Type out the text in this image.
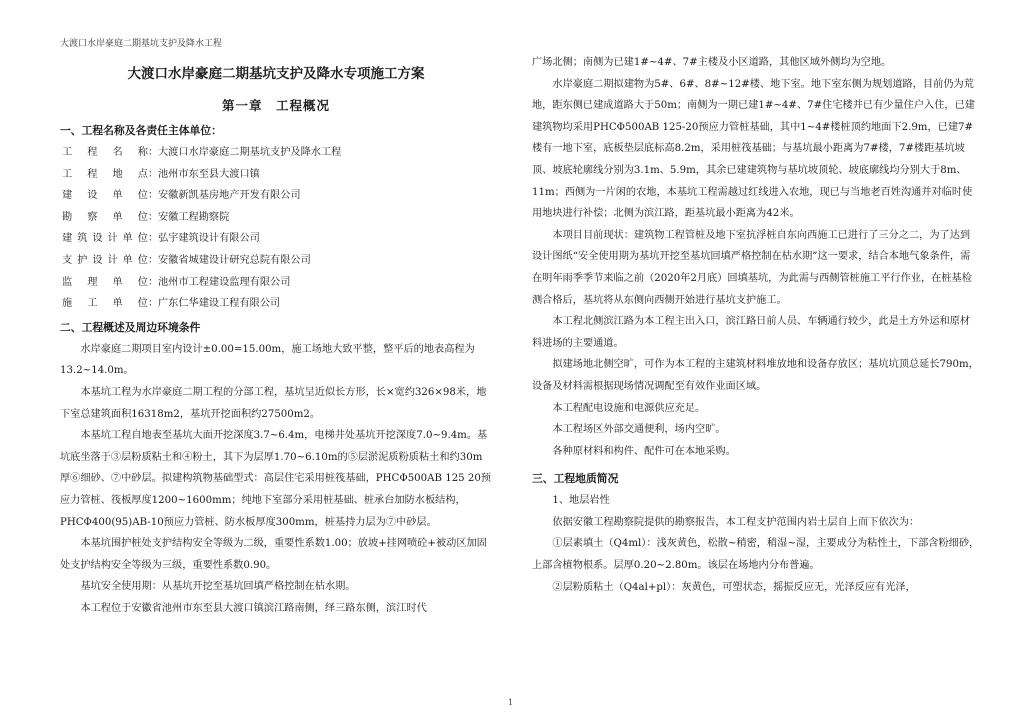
大渡口水岸豪庭二期基坑支护及降水工程
大渡口水岸豪庭二期基坑支护及降水专项施工方案
第一章　工程概况
一、工程名称及各责任主体单位：
工程名称 ： 大渡口水岸豪庭二期基坑支护及降水工程
工程地点 ： 池州市东至县大渡口镇
建设单位 ： 安徽新凯基房地产开发有限公司
勘察单位 ： 安徽工程勘察院
建筑设计单位 ： 弘宇建筑设计有限公司
支护设计单位 ： 安徽省城建设计研究总院有限公司
监理单位 ： 池州市工程建设监理有限公司
施工单位 ： 广东仁华建设工程有限公司
二、工程概述及周边环境条件

水岸豪庭二期项目室内设计±0.00=15.00m，施工场地大致平整，整平后的地表高程为13.2~14.0m。

本基坑工程为水岸豪庭二期工程的分部工程，基坑呈近似长方形，长×宽约326×98米，地下室总建筑面积16318m2，基坑开挖面积约27500m2。

本基坑工程自地表至基坑大面开挖深度3.7~6.4m，电梯井处基坑开挖深度7.0~9.4m。基坑底坐落于③层粉质粘土和④粉土，其下为层厚1.70~6.10m的⑤层淤泥质粉质粘土和约30m厚⑥细砂、⑦中砂层。拟建构筑物基础型式：高层住宅采用桩筏基础，PHCΦ500AB 125 20预应力管桩、筏板厚度1200~1600mm；纯地下室部分采用桩基础、桩承台加防水板结构，PHCΦ400(95)AB-10预应力管桩、防水板厚度300mm，桩基持力层为⑦中砂层。

本基坑围护桩处支护结构安全等级为二级，重要性系数1.00；放坡+挂网喷砼+被动区加固处支护结构安全等级为三级，重要性系数0.90。

基坑安全使用期：从基坑开挖至基坑回填严格控制在枯水期。

本工程位于安徽省池州市东至县大渡口镇滨江路南侧，绎三路东侧，滨江时代

广场北侧；南侧为已建1#~4#、7#主楼及小区道路，其他区域外侧均为空地。

水岸豪庭二期拟建物为5#、6#、8#~12#楼、地下室。地下室东侧为规划道路，目前仍为荒地，距东侧已建成道路大于50m；南侧为一期已建1#~4#、7#住宅楼并已有少量住户入住，已建建筑物均采用PHCΦ500AB 125-20预应力管桩基础，其中1~4#楼桩顶约地面下2.9m，已建7#楼有一地下室，底板垫层底标高8.2m，采用桩筏基础；与基坑最小距离为7#楼，7#楼距基坑坡顶、坡底轮廓线分别为3.1m、5.9m，其余已建建筑物与基坑坡顶轮、坡底廓线均分别大于8m、11m；西侧为一片闲的农地，本基坑工程需越过红线进入农地，现已与当地老百姓沟通并对临时使用地块进行补偿；北侧为滨江路，距基坑最小距离为42米。

本项目目前现状：建筑物工程管桩及地下室抗浮桩自东向西施工已进行了三分之二，为了达到设计图纸“安全使用期为基坑开挖至基坑回填严格控制在枯水期”这一要求，结合本地气象条件，需在明年雨季季节来临之前（2020年2月底）回填基坑，为此需与西侧管桩施工平行作业，在桩基检测合格后，基坑将从东侧向西侧开始进行基坑支护施工。

本工程北侧滨江路为本工程主出入口，滨江路日前人员、车辆通行较少，此是土方外运和原材料进场的主要通道。

拟建场地北侧空旷，可作为本工程的主建筑材料堆放地和设备存放区；基坑坑顶总延长790m，设备及材料需根据现场情况调配至有效作业面区域。

本工程配电设施和电源供应充足。

本工程场区外部交通便利，场内空旷。

各种原材料和构件、配件可在本地采购。

三、工程地质简况

1、地层岩性

依据安徽工程勘察院提供的勘察报告，本工程支护范围内岩土层自上而下依次为：

①层素填土（Q4ml）：浅灰黄色，松散~稍密，稍湿~湿，主要成分为粘性土，下部含粉细砂，上部含植物根系。层厚0.20~2.80m。该层在场地内分布普遍。

②层粉质粘土（Q4al+pl）：灰黄色，可塑状态，摇振反应无，光泽反应有光泽，

1
